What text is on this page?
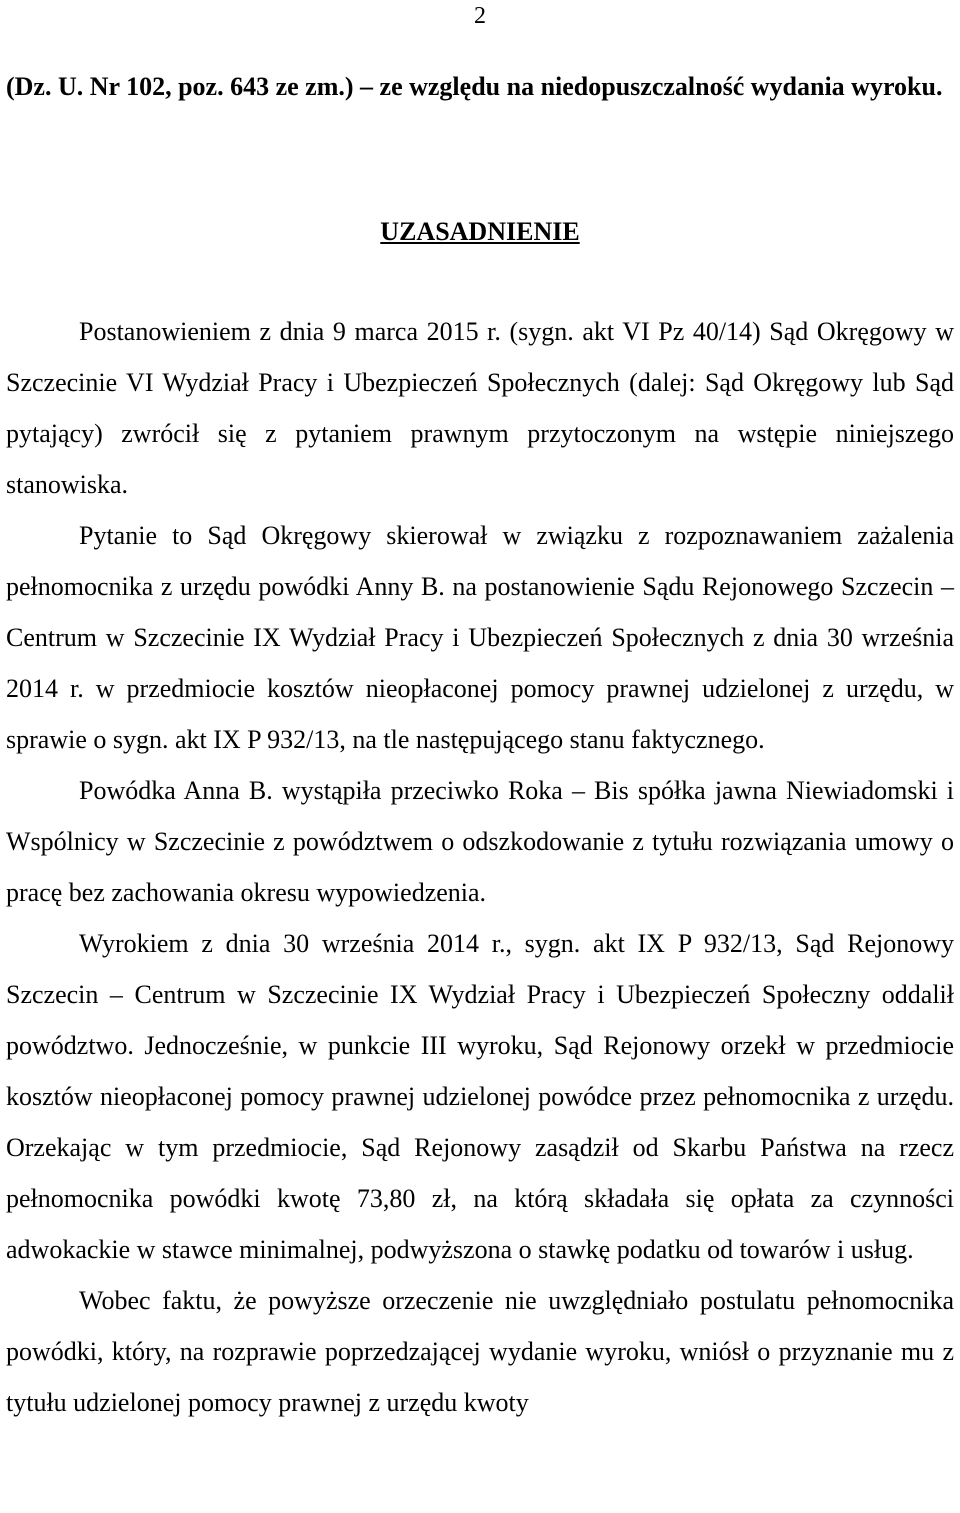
2
(Dz. U. Nr 102, poz. 643 ze zm.) – ze względu na niedopuszczalność wydania wyroku.
UZASADNIENIE

Postanowieniem z dnia 9 marca 2015 r. (sygn. akt VI Pz 40/14) Sąd Okręgowy w Szczecinie VI Wydział Pracy i Ubezpieczeń Społecznych (dalej: Sąd Okręgowy lub Sąd pytający) zwrócił się z pytaniem prawnym przytoczonym na wstępie niniejszego stanowiska.

Pytanie to Sąd Okręgowy skierował w związku z rozpoznawaniem zażalenia pełnomocnika z urzędu powódki Anny B. na postanowienie Sądu Rejonowego Szczecin – Centrum w Szczecinie IX Wydział Pracy i Ubezpieczeń Społecznych z dnia 30 września 2014 r. w przedmiocie kosztów nieopłaconej pomocy prawnej udzielonej z urzędu, w sprawie o sygn. akt IX P 932/13, na tle następującego stanu faktycznego.

Powódka Anna B. wystąpiła przeciwko Roka – Bis spółka jawna Niewiadomski i Wspólnicy w Szczecinie z powództwem o odszkodowanie z tytułu rozwiązania umowy o pracę bez zachowania okresu wypowiedzenia.

Wyrokiem z dnia 30 września 2014 r., sygn. akt IX P 932/13, Sąd Rejonowy Szczecin – Centrum w Szczecinie IX Wydział Pracy i Ubezpieczeń Społeczny oddalił powództwo. Jednocześnie, w punkcie III wyroku, Sąd Rejonowy orzekł w przedmiocie kosztów nieopłaconej pomocy prawnej udzielonej powódce przez pełnomocnika z urzędu. Orzekając w tym przedmiocie, Sąd Rejonowy zasądził od Skarbu Państwa na rzecz pełnomocnika powódki kwotę 73,80 zł, na którą składała się opłata za czynności adwokackie w stawce minimalnej, podwyższona o stawkę podatku od towarów i usług.

Wobec faktu, że powyższe orzeczenie nie uwzględniało postulatu pełnomocnika powódki, który, na rozprawie poprzedzającej wydanie wyroku, wniósł o przyznanie mu z tytułu udzielonej pomocy prawnej z urzędu kwoty
